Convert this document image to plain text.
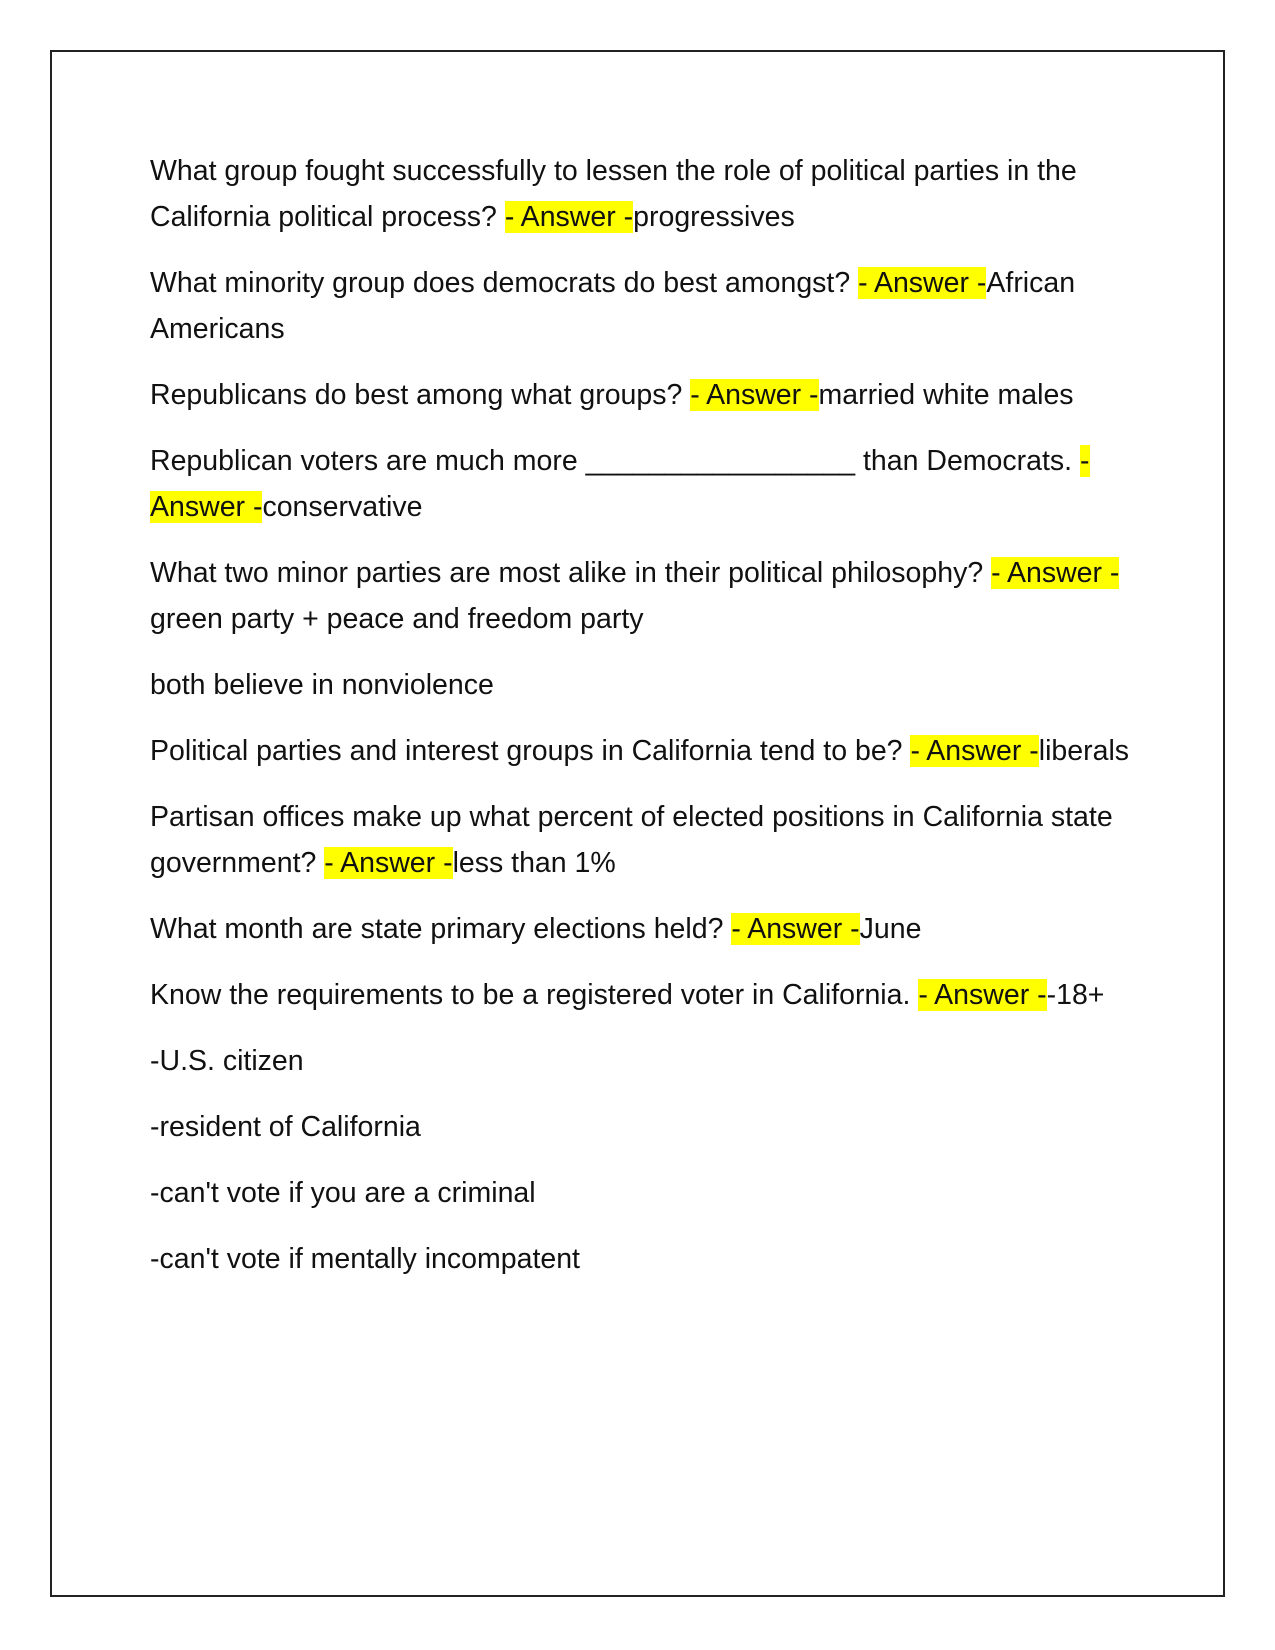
What group fought successfully to lessen the role of political parties in the California political process? - Answer -progressives

What minority group does democrats do best amongst? - Answer -African Americans

Republicans do best among what groups? - Answer -married white males

Republican voters are much more _________________ than Democrats. - Answer -conservative

What two minor parties are most alike in their political philosophy? - Answer -green party + peace and freedom party

both believe in nonviolence

Political parties and interest groups in California tend to be? - Answer -liberals

Partisan offices make up what percent of elected positions in California state government? - Answer -less than 1%

What month are state primary elections held? - Answer -June

Know the requirements to be a registered voter in California. - Answer --18+

-U.S. citizen

-resident of California

-can't vote if you are a criminal

-can't vote if mentally incompatent
